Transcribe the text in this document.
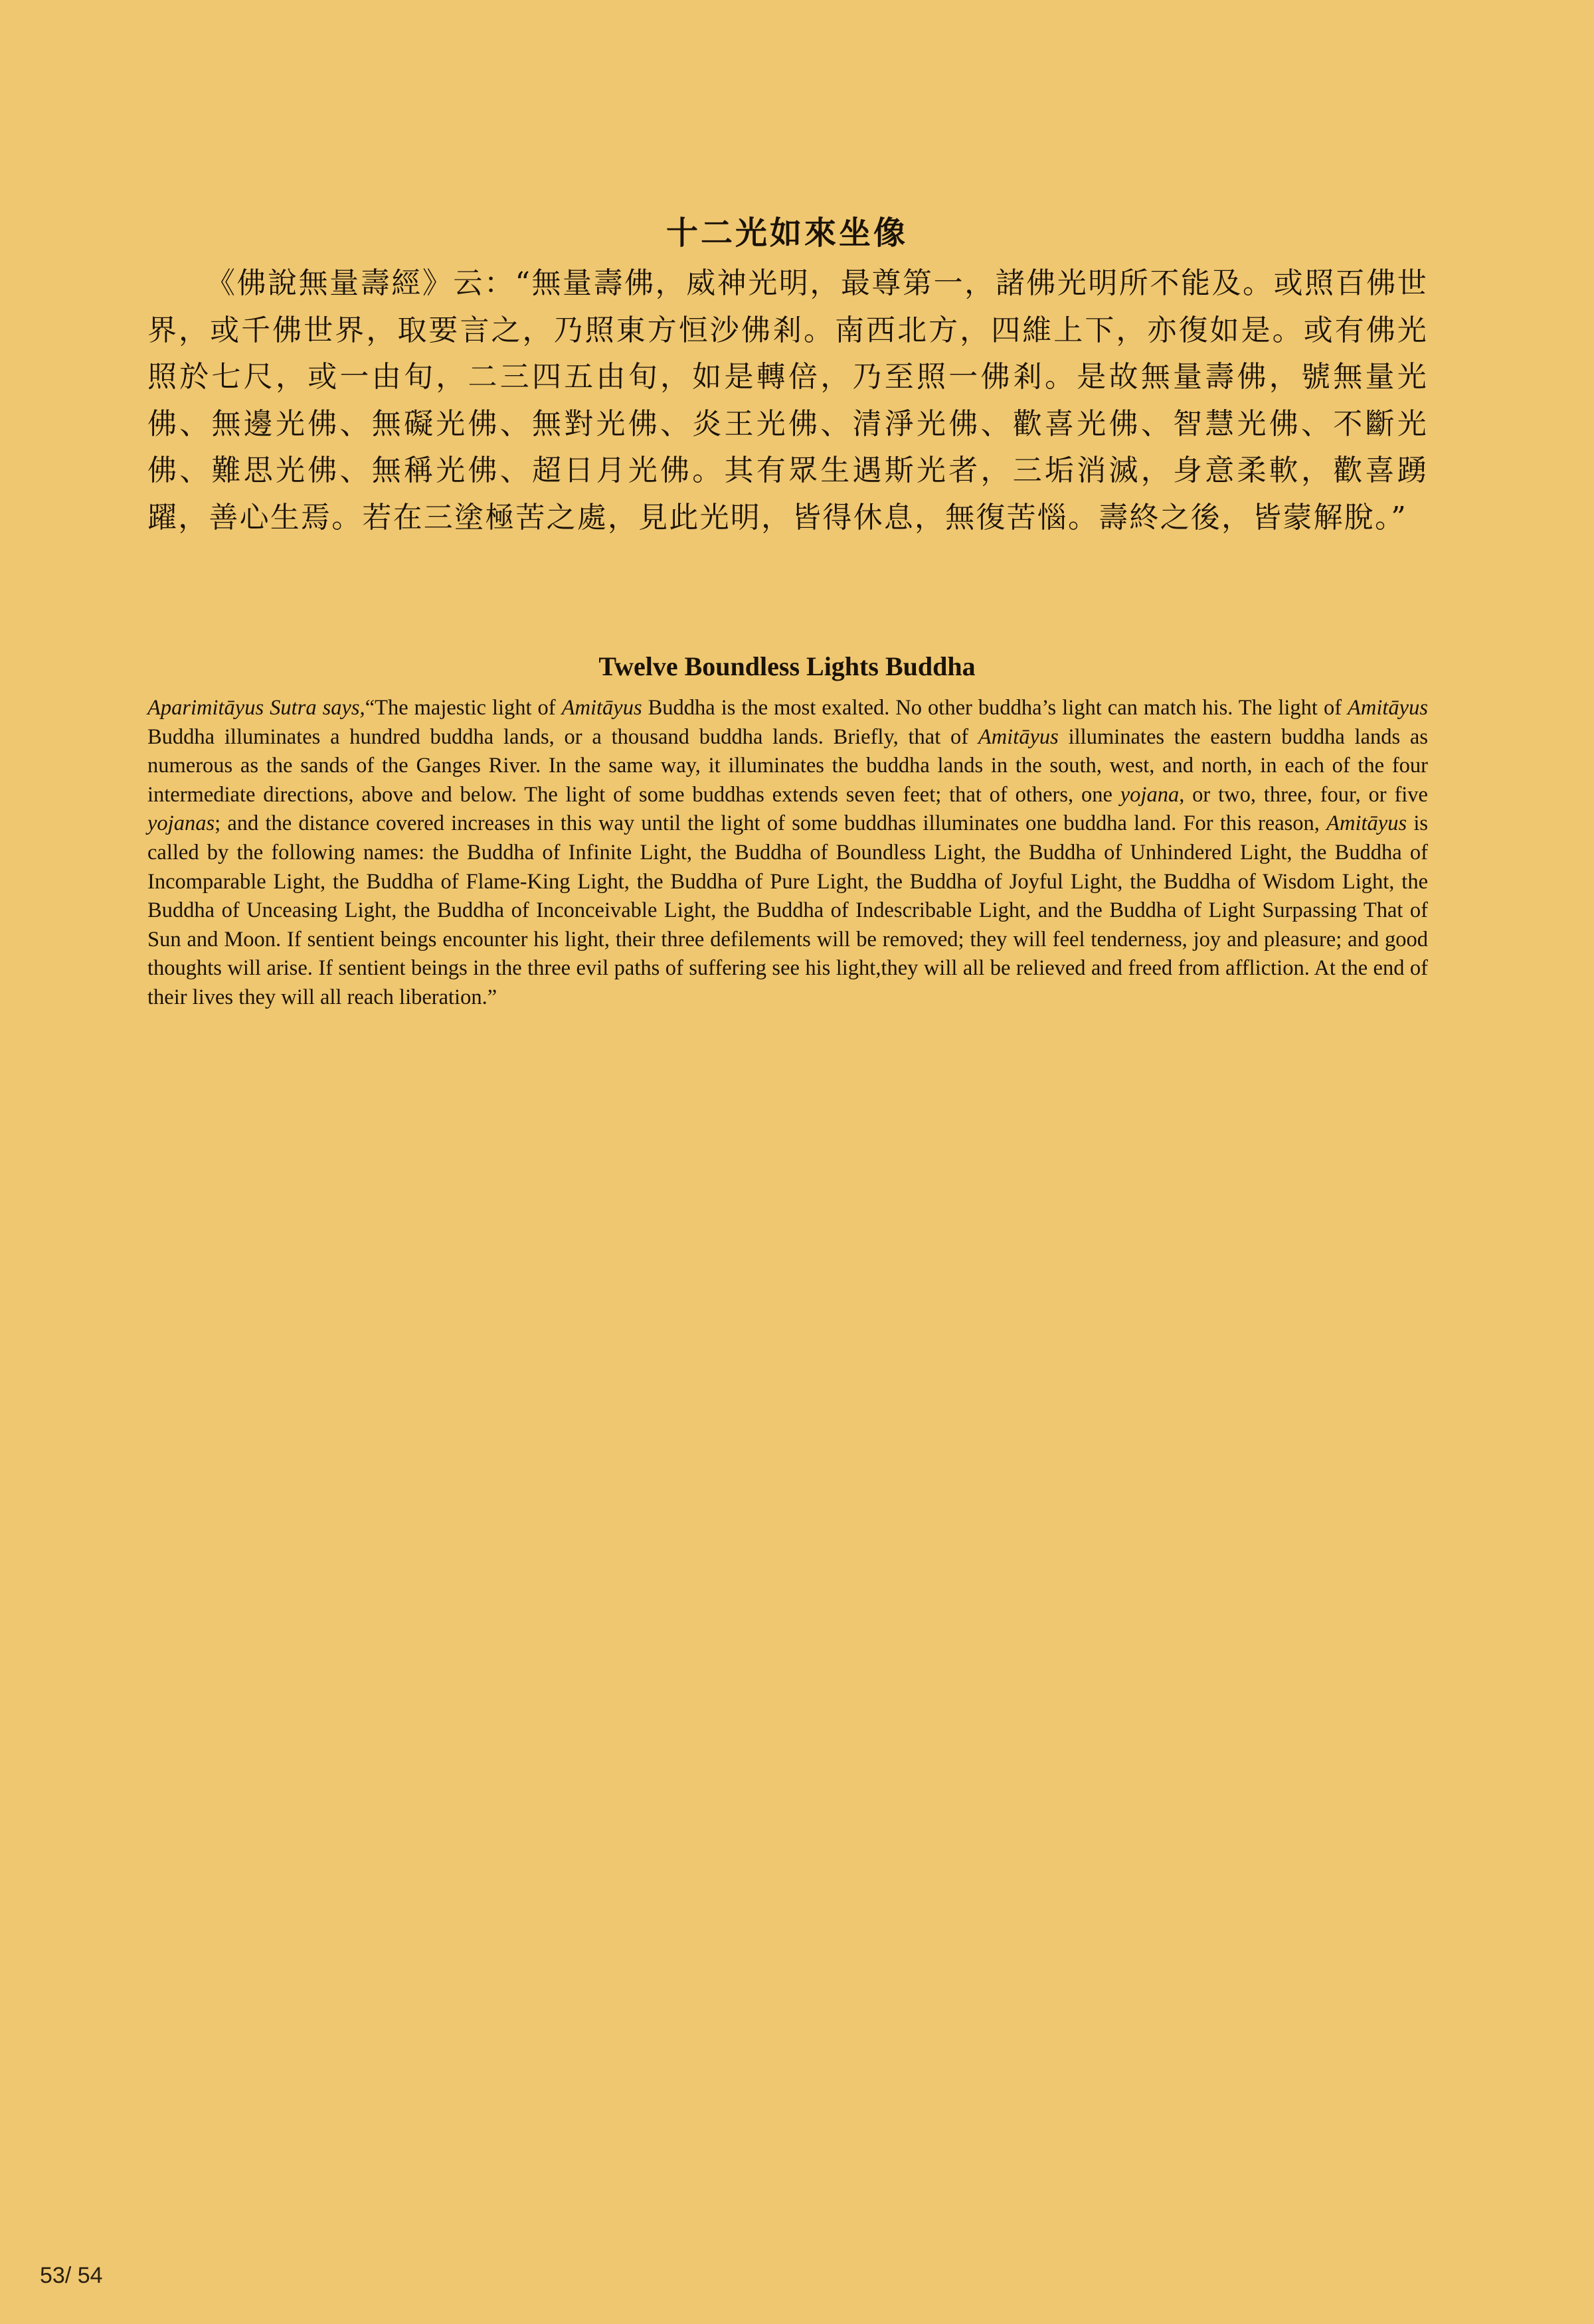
十二光如來坐像

《佛說無量壽經》云：“無量壽佛，威神光明，最尊第一，諸佛光明所不能及。或照百佛世界，或千佛世界，取要言之，乃照東方恒沙佛剎。南西北方，四維上下，亦復如是。或有佛光照於七尺，或一由旬，二三四五由旬，如是轉倍，乃至照一佛剎。是故無量壽佛，號無量光佛、無邊光佛、無礙光佛、無對光佛、炎王光佛、清淨光佛、歡喜光佛、智慧光佛、不斷光佛、難思光佛、無稱光佛、超日月光佛。其有眾生遇斯光者，三垢消滅，身意柔軟，歡喜踴躍，善心生焉。若在三塗極苦之處，見此光明，皆得休息，無復苦惱。壽終之後，皆蒙解脫。”

Twelve Boundless Lights Buddha

Aparimitāyus Sutra says,“The majestic light of Amitāyus Buddha is the most exalted. No other buddha’s light can match his. The light of Amitāyus Buddha illuminates a hundred buddha lands, or a thousand buddha lands. Briefly, that of Amitāyus illuminates the eastern buddha lands as numerous as the sands of the Ganges River. In the same way, it illuminates the buddha lands in the south, west, and north, in each of the four intermediate directions, above and below. The light of some buddhas extends seven feet; that of others, one yojana, or two, three, four, or five yojanas; and the distance covered increases in this way until the light of some buddhas illuminates one buddha land. For this reason, Amitāyus is called by the following names: the Buddha of Infinite Light, the Buddha of Boundless Light, the Buddha of Unhindered Light, the Buddha of Incomparable Light, the Buddha of Flame-King Light, the Buddha of Pure Light, the Buddha of Joyful Light, the Buddha of Wisdom Light, the Buddha of Unceasing Light, the Buddha of Inconceivable Light, the Buddha of Indescribable Light, and the Buddha of Light Surpassing That of Sun and Moon. If sentient beings encounter his light, their three defilements will be removed; they will feel tenderness, joy and pleasure; and good thoughts will arise. If sentient beings in the three evil paths of suffering see his light,they will all be relieved and freed from affliction. At the end of their lives they will all reach liberation.”

53/ 54
